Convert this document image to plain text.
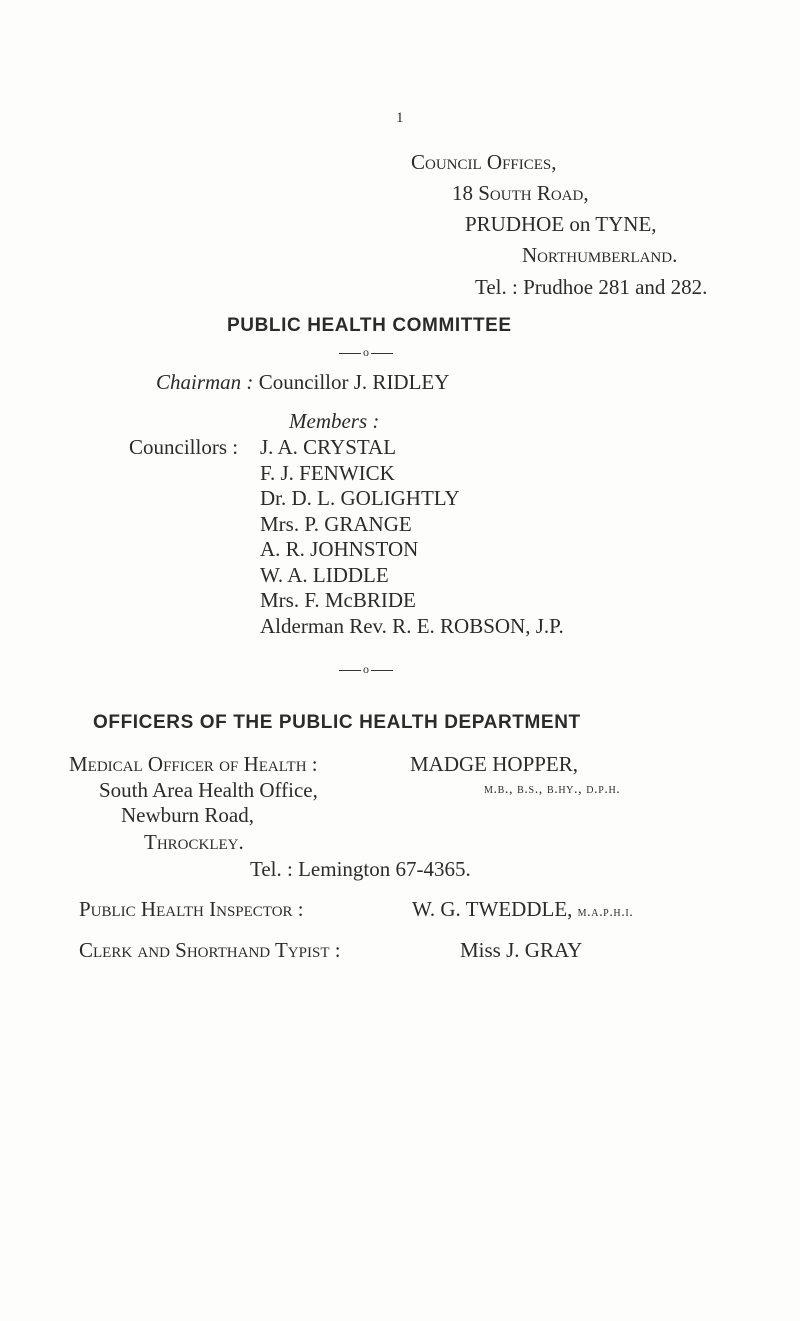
1
Council Offices,
18 South Road,
PRUDHOE on TYNE,
Northumberland.
Tel. : Prudhoe 281 and 282.
PUBLIC HEALTH COMMITTEE
o
Chairman : Councillor J. RIDLEY
Members :
Councillors : J. A. CRYSTAL
F. J. FENWICK
Dr. D. L. GOLIGHTLY
Mrs. P. GRANGE
A. R. JOHNSTON
W. A. LIDDLE
Mrs. F. McBRIDE
Alderman Rev. R. E. ROBSON, J.P.
o
OFFICERS OF THE PUBLIC HEALTH DEPARTMENT
Medical Officer of Health :	MADGE HOPPER,
m.b., b.s., b.hy., d.p.h.
South Area Health Office,
Newburn Road,
Throckley.
Tel. : Lemington 67-4365.
Public Health Inspector :	W. G. TWEDDLE, m.a.p.h.i.
Clerk and Shorthand Typist :	Miss J. GRAY
